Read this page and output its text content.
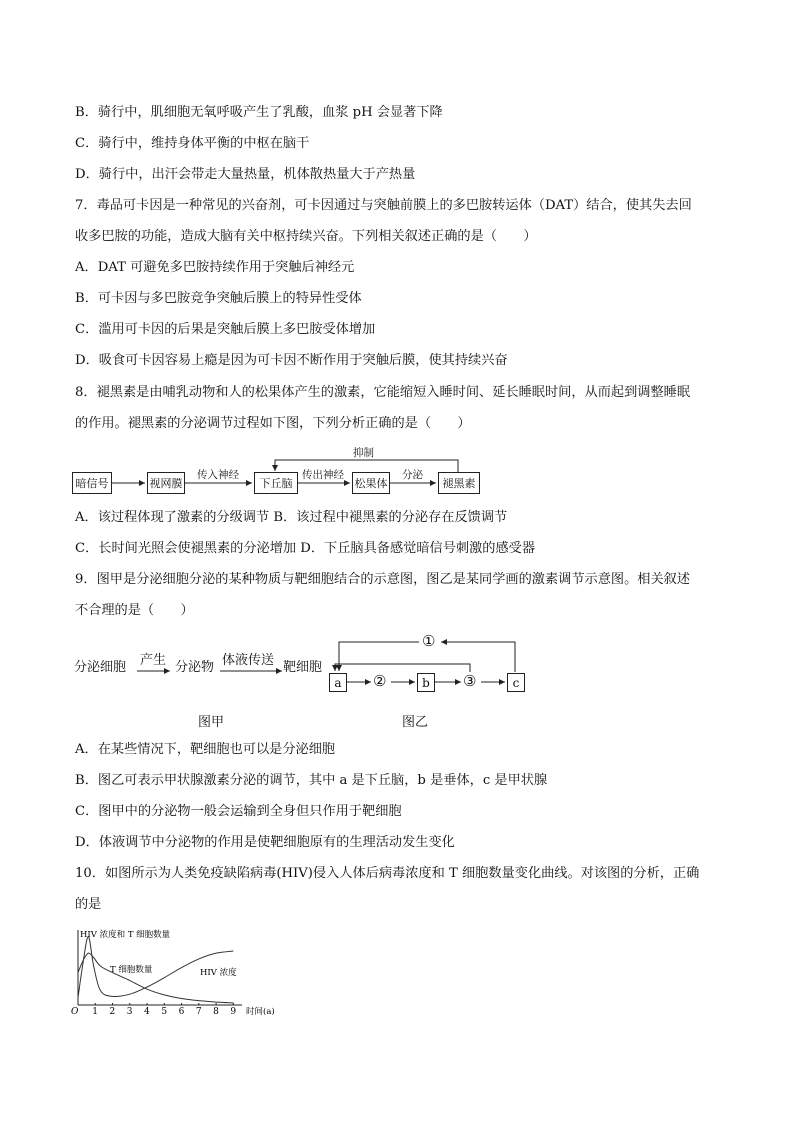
B．骑行中，肌细胞无氧呼吸产生了乳酸，血浆 pH 会显著下降
C．骑行中，维持身体平衡的中枢在脑干
D．骑行中，出汗会带走大量热量，机体散热量大于产热量
7．毒品可卡因是一种常见的兴奋剂，可卡因通过与突触前膜上的多巴胺转运体（DAT）结合，使其失去回
收多巴胺的功能，造成大脑有关中枢持续兴奋。下列相关叙述正确的是（　　）
A．DAT 可避免多巴胺持续作用于突触后神经元
B．可卡因与多巴胺竞争突触后膜上的特异性受体
C．滥用可卡因的后果是突触后膜上多巴胺受体增加
D．吸食可卡因容易上瘾是因为可卡因不断作用于突触后膜，使其持续兴奋
8．褪黑素是由哺乳动物和人的松果体产生的激素，它能缩短入睡时间、延长睡眠时间，从而起到调整睡眠
的作用。褪黑素的分泌调节过程如下图，下列分析正确的是（　　）
暗信号	视网膜	下丘脑	松果体	褪黑素
传入神经	传出神经	分泌
抑制
A．该过程体现了激素的分级调节 B．该过程中褪黑素的分泌存在反馈调节
C．长时间光照会使褪黑素的分泌增加 D．下丘脑具备感觉暗信号刺激的感受器
9．图甲是分泌细胞分泌的某种物质与靶细胞结合的示意图，图乙是某同学画的激素调节示意图。相关叙述
不合理的是（　　）
分泌细胞 产生 分泌物 体液传送 靶细胞
图甲
a	b	c
①
②	③
图乙
A．在某些情况下，靶细胞也可以是分泌细胞
B．图乙可表示甲状腺激素分泌的调节，其中 a 是下丘脑，b 是垂体，c 是甲状腺
C．图甲中的分泌物一般会运输到全身但只作用于靶细胞
D．体液调节中分泌物的作用是使靶细胞原有的生理活动发生变化
10．如图所示为人类免疫缺陷病毒(HIV)侵入人体后病毒浓度和 T 细胞数量变化曲线。对该图的分析，正确
的是
HIV 浓度和 T 细胞数量
T 细胞数量	HIV 浓度
O 1 2 3 4 5 6 7 8 9 时间(a)
